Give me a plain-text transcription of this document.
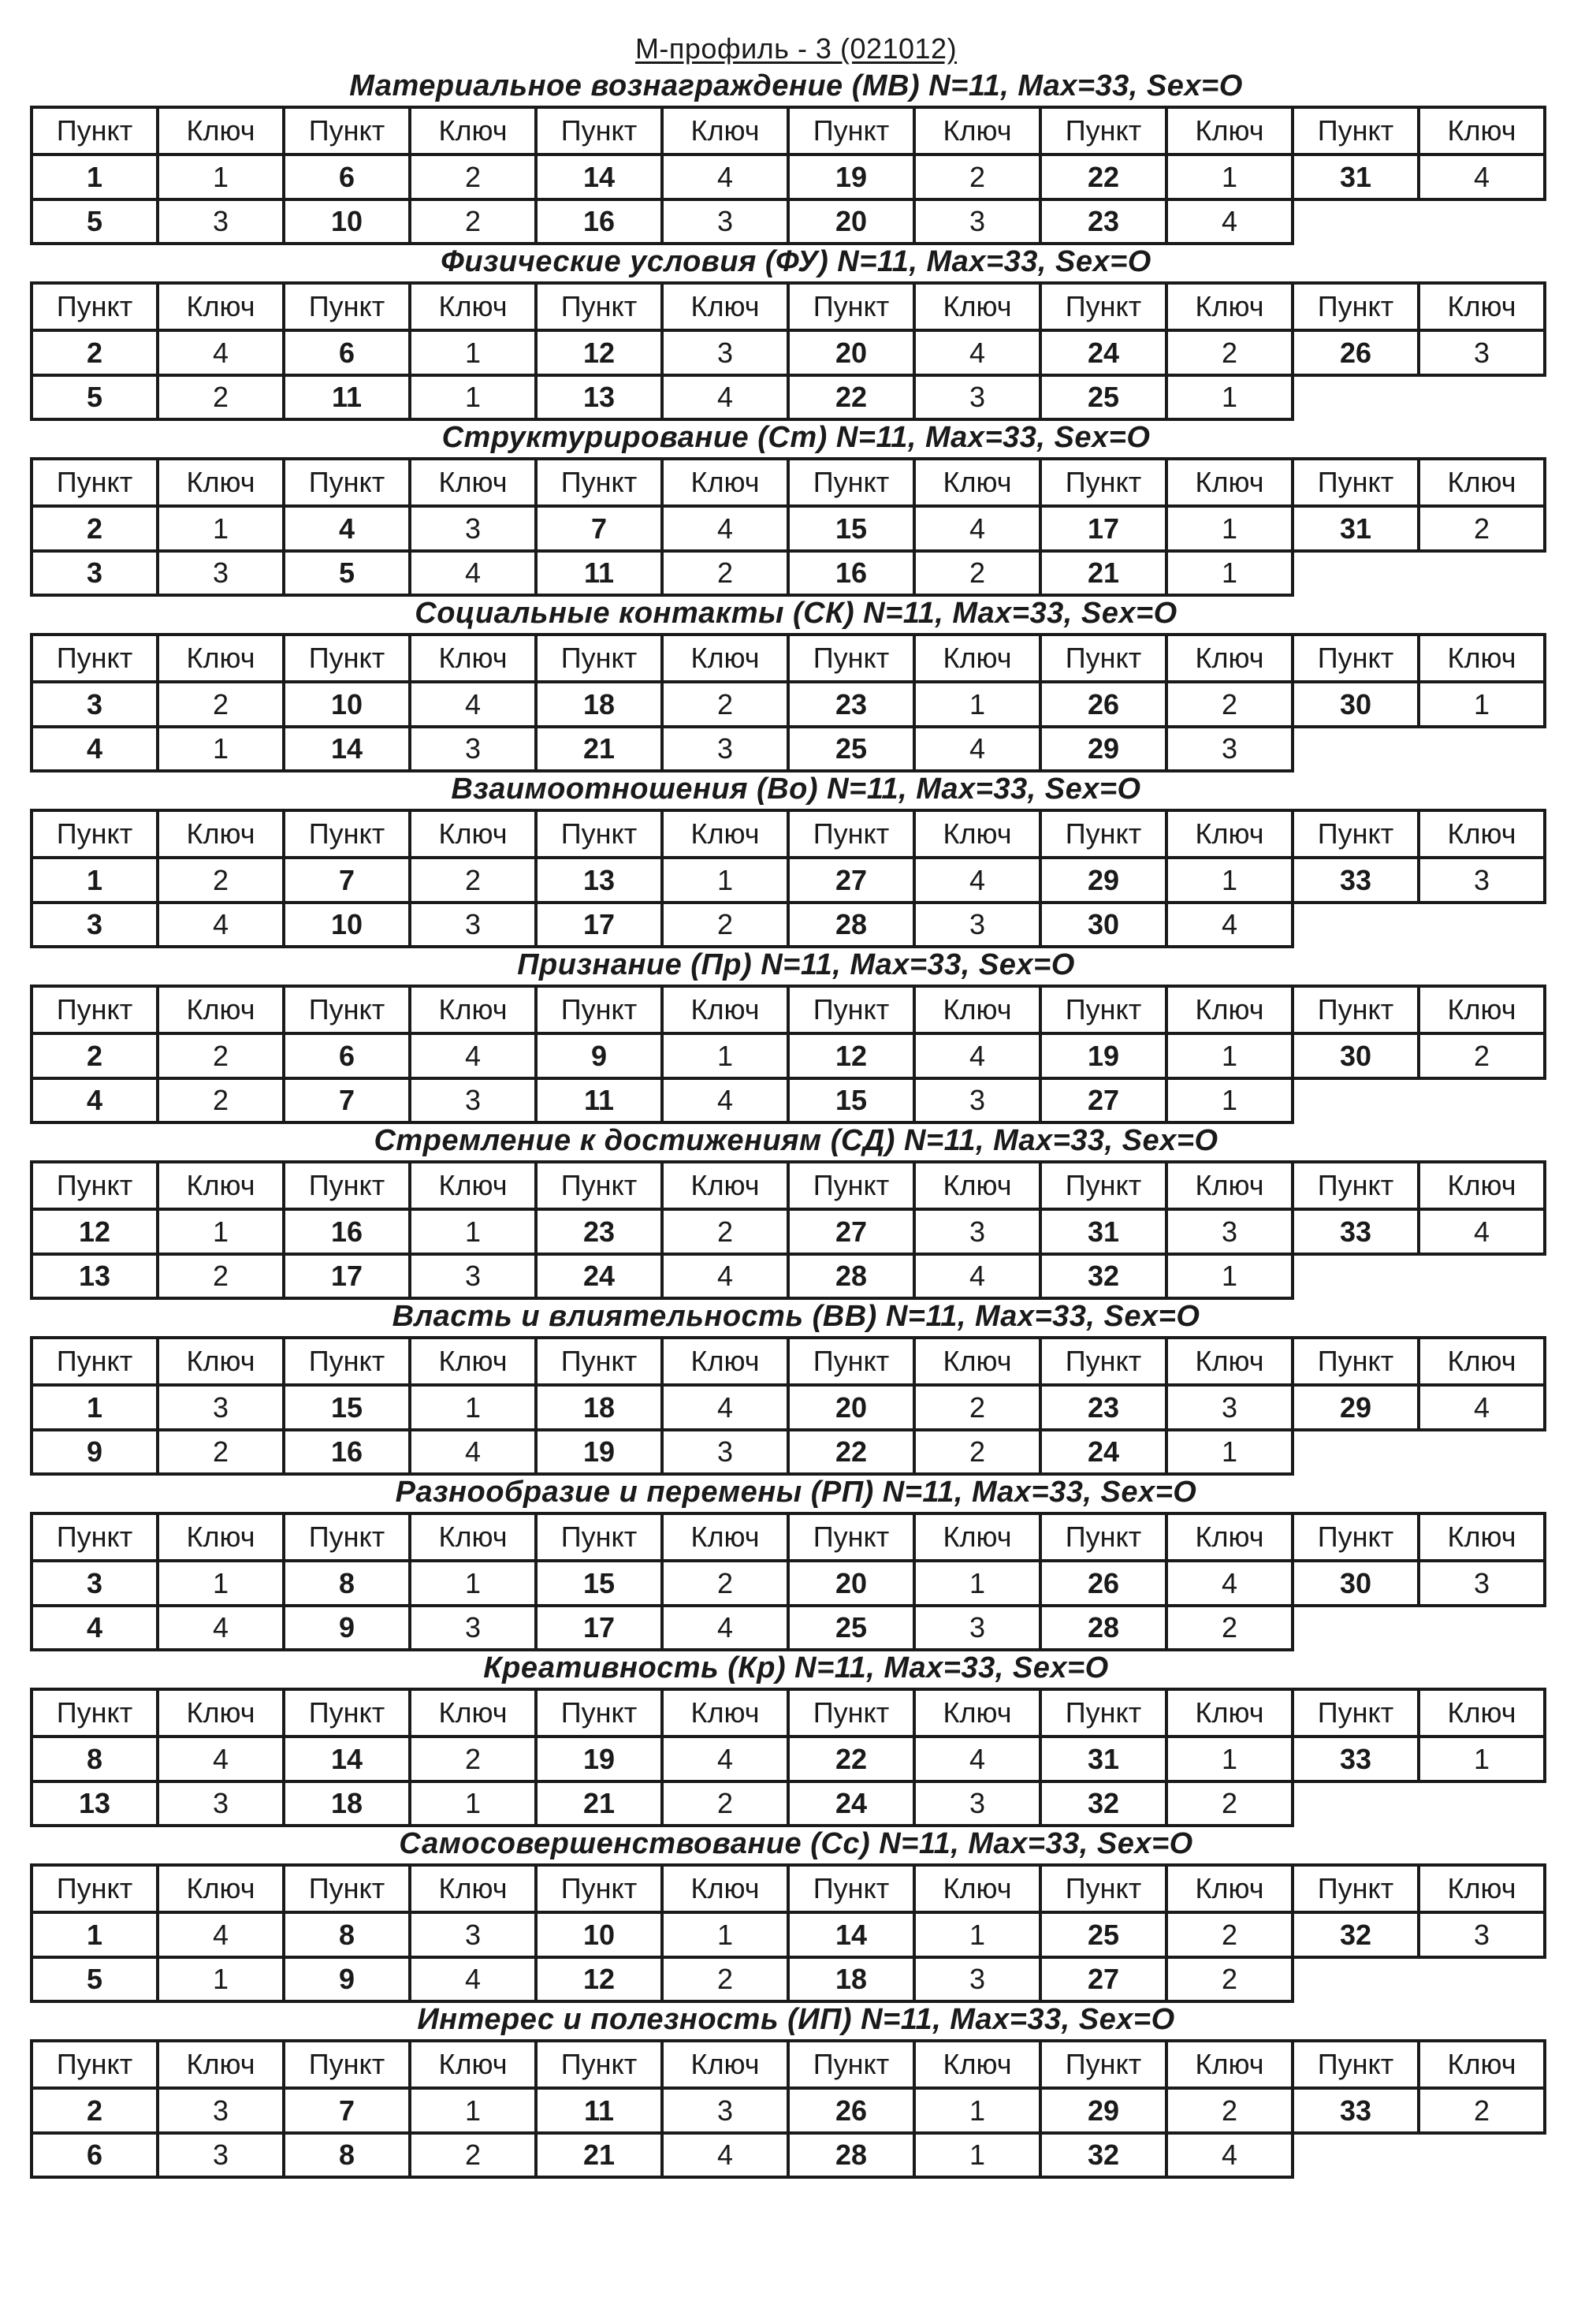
М-профиль - 3 (021012)
Материальное вознаграждение (МВ) N=11, Max=33, Sex=O
Пункт	Ключ	Пункт	Ключ	Пункт	Ключ	Пункт	Ключ	Пункт	Ключ	Пункт	Ключ
1	1	6	2	14	4	19	2	22	1	31	4
5	3	10	2	16	3	20	3	23	4
Физические условия (ФУ) N=11, Max=33, Sex=O
Пункт	Ключ	Пункт	Ключ	Пункт	Ключ	Пункт	Ключ	Пункт	Ключ	Пункт	Ключ
2	4	6	1	12	3	20	4	24	2	26	3
5	2	11	1	13	4	22	3	25	1
Структурирование (Ст) N=11, Max=33, Sex=O
Пункт	Ключ	Пункт	Ключ	Пункт	Ключ	Пункт	Ключ	Пункт	Ключ	Пункт	Ключ
2	1	4	3	7	4	15	4	17	1	31	2
3	3	5	4	11	2	16	2	21	1
Социальные контакты (СК) N=11, Max=33, Sex=O
Пункт	Ключ	Пункт	Ключ	Пункт	Ключ	Пункт	Ключ	Пункт	Ключ	Пункт	Ключ
3	2	10	4	18	2	23	1	26	2	30	1
4	1	14	3	21	3	25	4	29	3
Взаимоотношения (Во) N=11, Max=33, Sex=O
Пункт	Ключ	Пункт	Ключ	Пункт	Ключ	Пункт	Ключ	Пункт	Ключ	Пункт	Ключ
1	2	7	2	13	1	27	4	29	1	33	3
3	4	10	3	17	2	28	3	30	4
Признание (Пр) N=11, Max=33, Sex=O
Пункт	Ключ	Пункт	Ключ	Пункт	Ключ	Пункт	Ключ	Пункт	Ключ	Пункт	Ключ
2	2	6	4	9	1	12	4	19	1	30	2
4	2	7	3	11	4	15	3	27	1
Стремление к достижениям (СД) N=11, Max=33, Sex=O
Пункт	Ключ	Пункт	Ключ	Пункт	Ключ	Пункт	Ключ	Пункт	Ключ	Пункт	Ключ
12	1	16	1	23	2	27	3	31	3	33	4
13	2	17	3	24	4	28	4	32	1
Власть и влиятельность (ВВ) N=11, Max=33, Sex=O
Пункт	Ключ	Пункт	Ключ	Пункт	Ключ	Пункт	Ключ	Пункт	Ключ	Пункт	Ключ
1	3	15	1	18	4	20	2	23	3	29	4
9	2	16	4	19	3	22	2	24	1
Разнообразие и перемены (РП) N=11, Max=33, Sex=O
Пункт	Ключ	Пункт	Ключ	Пункт	Ключ	Пункт	Ключ	Пункт	Ключ	Пункт	Ключ
3	1	8	1	15	2	20	1	26	4	30	3
4	4	9	3	17	4	25	3	28	2
Креативность (Кр) N=11, Max=33, Sex=O
Пункт	Ключ	Пункт	Ключ	Пункт	Ключ	Пункт	Ключ	Пункт	Ключ	Пункт	Ключ
8	4	14	2	19	4	22	4	31	1	33	1
13	3	18	1	21	2	24	3	32	2
Самосовершенствование (Сс) N=11, Max=33, Sex=O
Пункт	Ключ	Пункт	Ключ	Пункт	Ключ	Пункт	Ключ	Пункт	Ключ	Пункт	Ключ
1	4	8	3	10	1	14	1	25	2	32	3
5	1	9	4	12	2	18	3	27	2
Интерес и полезность (ИП) N=11, Max=33, Sex=O
Пункт	Ключ	Пункт	Ключ	Пункт	Ключ	Пункт	Ключ	Пункт	Ключ	Пункт	Ключ
2	3	7	1	11	3	26	1	29	2	33	2
6	3	8	2	21	4	28	1	32	4
